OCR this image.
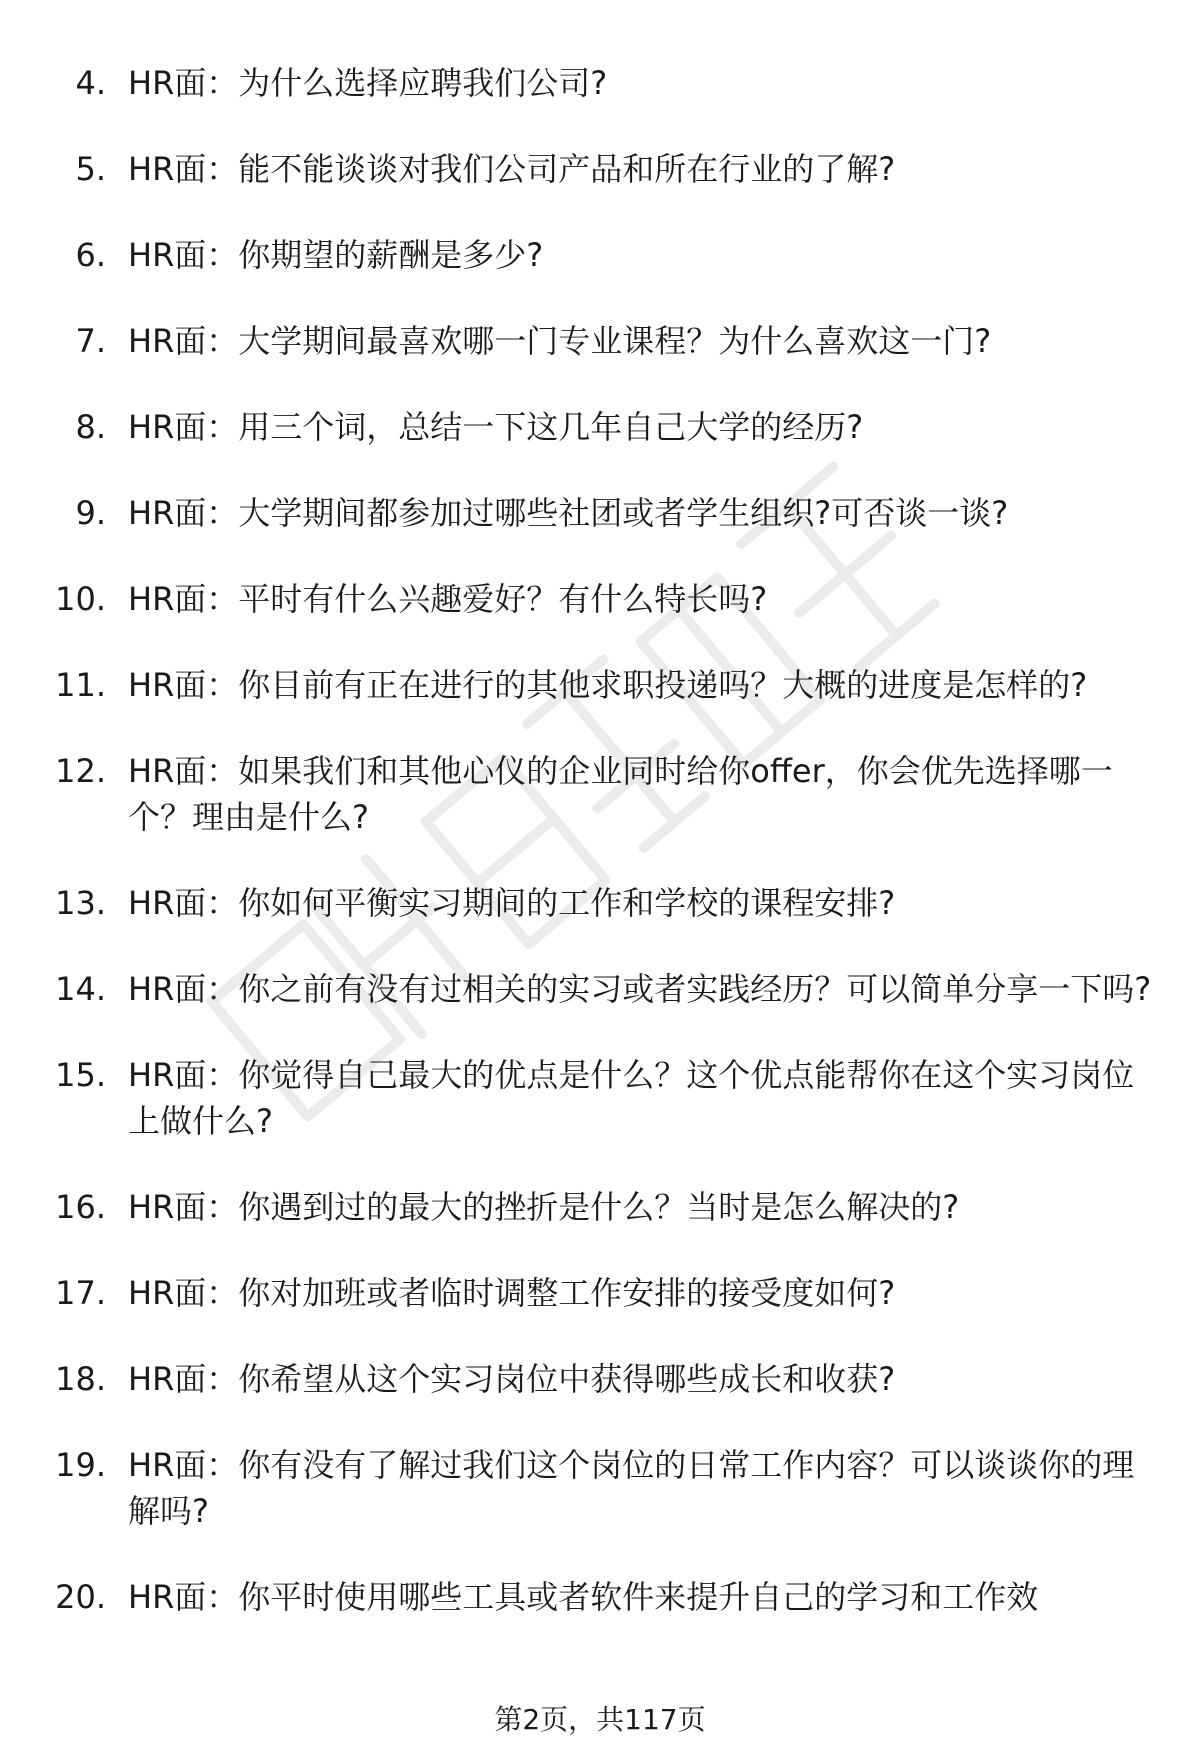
4. HR面：为什么选择应聘我们公司?
5. HR面：能不能谈谈对我们公司产品和所在行业的了解?
6. HR面：你期望的薪酬是多少?
7. HR面：大学期间最喜欢哪一门专业课程？为什么喜欢这一门?
8. HR面：用三个词，总结一下这几年自己大学的经历?
9. HR面：大学期间都参加过哪些社团或者学生组织?可否谈一谈?
10. HR面：平时有什么兴趣爱好？有什么特长吗?
11. HR面：你目前有正在进行的其他求职投递吗？大概的进度是怎样的?
12. HR面：如果我们和其他心仪的企业同时给你offer，你会优先选择哪一个？理由是什么?
13. HR面：你如何平衡实习期间的工作和学校的课程安排?
14. HR面：你之前有没有过相关的实习或者实践经历？可以简单分享一下吗?
15. HR面：你觉得自己最大的优点是什么？这个优点能帮你在这个实习岗位上做什么?
16. HR面：你遇到过的最大的挫折是什么？当时是怎么解决的?
17. HR面：你对加班或者临时调整工作安排的接受度如何?
18. HR面：你希望从这个实习岗位中获得哪些成长和收获?
19. HR面：你有没有了解过我们这个岗位的日常工作内容？可以谈谈你的理解吗?
20. HR面：你平时使用哪些工具或者软件来提升自己的学习和工作效
第2页，共117页
